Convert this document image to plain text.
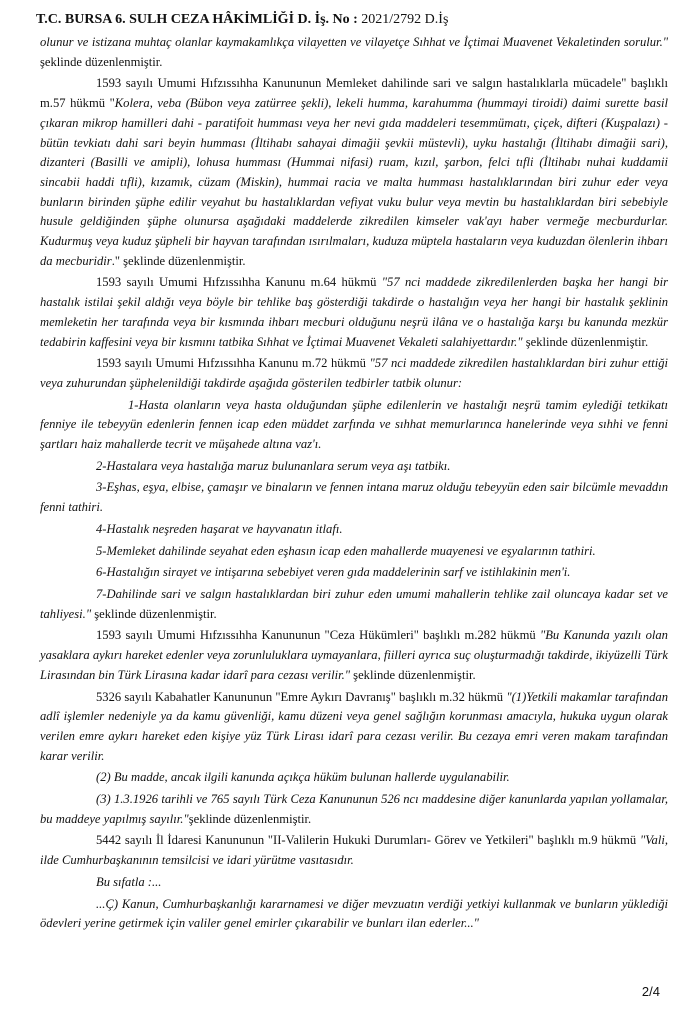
T.C. BURSA 6. SULH CEZA HÂKİMLİĞİ D. İş. No : 2021/2792 D.İş

olunur ve istizana muhtaç olanlar kaymakamlıkça vilayetten ve vilayetçe Sıhhat ve İçtimai Muavenet Vekaletinden sorulur." şeklinde düzenlenmiştir.

1593 sayılı Umumi Hıfzıssıhha Kanununun Memleket dahilinde sari ve salgın hastalıklarla mücadele" başlıklı m.57 hükmü "Kolera, veba (Bübon veya zatürree şekli), lekeli humma, karahumma (hummayi tiroidi) daimi surette basil çıkaran mikrop hamilleri dahi - paratifoit humması veya her nevi gıda maddeleri tesemmümatı, çiçek, difteri (Kuşpalazı) - bütün tevkiatı dahi sari beyin humması (İltihabı sahayai dimağii şevkii müstevli), uyku hastalığı (İltihabı dimağii sari), dizanteri (Basilli ve amipli), lohusa humması (Hummai nifasi) ruam, kızıl, şarbon, felci tıfli (İltihabı nuhai kuddamii sincabii haddi tıfli), kızamık, cüzam (Miskin), hummai racia ve malta humması hastalıklarından biri zuhur eder veya bunların birinden şüphe edilir veyahut bu hastalıklardan vefiyat vuku bulur veya mevtin bu hastalıklardan biri sebebiyle husule geldiğinden şüphe olunursa aşağıdaki maddelerde zikredilen kimseler vak'ayı haber vermeğe mecburdurlar. Kudurmuş veya kuduz şüpheli bir hayvan tarafından ısırılmaları, kuduza müptela hastaların veya kuduzdan ölenlerin ihbarı da mecburidir." şeklinde düzenlenmiştir.

1593 sayılı Umumi Hıfzıssıhha Kanunu m.64 hükmü "57 nci maddede zikredilenlerden başka her hangi bir hastalık istilai şekil aldığı veya böyle bir tehlike baş gösterdiği takdirde o hastalığın veya her hangi bir hastalık şeklinin memleketin her tarafında veya bir kısmında ihbarı mecburi olduğunu neşrü ilâna ve o hastalığa karşı bu kanunda mezkür tedabirin kaffesini veya bir kısmını tatbika Sıhhat ve İçtimai Muavenet Vekaleti salahiyettardır." şeklinde düzenlenmiştir.

1593 sayılı Umumi Hıfzıssıhha Kanunu m.72 hükmü "57 nci maddede zikredilen hastalıklardan biri zuhur ettiği veya zuhurundan şüphelenildiği takdirde aşağıda gösterilen tedbirler tatbik olunur:

1-Hasta olanların veya hasta olduğundan şüphe edilenlerin ve hastalığı neşrü tamim eylediği tetkikatı fenniye ile tebeyyün edenlerin fennen icap eden müddet zarfında ve sıhhat memurlarınca hanelerinde veya sıhhi ve fenni şartları haiz mahallerde tecrit ve müşahede altına vaz'ı.

2-Hastalara veya hastalığa maruz bulunanlara serum veya aşı tatbikı.

3-Eşhas, eşya, elbise, çamaşır ve binaların ve fennen intana maruz olduğu tebeyyün eden sair bilcümle mevaddın fenni tathiri.

4-Hastalık neşreden haşarat ve hayvanatın itlafı.

5-Memleket dahilinde seyahat eden eşhasın icap eden mahallerde muayenesi ve eşyalarının tathiri.

6-Hastalığın sirayet ve intişarına sebebiyet veren gıda maddelerinin sarf ve istihlakinin men'i.

7-Dahilinde sari ve salgın hastalıklardan biri zuhur eden umumi mahallerin tehlike zail oluncaya kadar set ve tahliyesi." şeklinde düzenlenmiştir.

1593 sayılı Umumi Hıfzıssıhha Kanununun "Ceza Hükümleri" başlıklı m.282 hükmü "Bu Kanunda yazılı olan yasaklara aykırı hareket edenler veya zorunluluklara uymayanlara, fiilleri ayrıca suç oluşturmadığı takdirde, ikiyüzelli Türk Lirasından bin Türk Lirasına kadar idarî para cezası verilir." şeklinde düzenlenmiştir.

5326 sayılı Kabahatler Kanununun "Emre Aykırı Davranış" başlıklı m.32 hükmü "(1)Yetkili makamlar tarafından adlî işlemler nedeniyle ya da kamu güvenliği, kamu düzeni veya genel sağlığın korunması amacıyla, hukuka uygun olarak verilen emre aykırı hareket eden kişiye yüz Türk Lirası idarî para cezası verilir. Bu cezaya emri veren makam tarafından karar verilir.

(2) Bu madde, ancak ilgili kanunda açıkça hüküm bulunan hallerde uygulanabilir.

(3) 1.3.1926 tarihli ve 765 sayılı Türk Ceza Kanununun 526 ncı maddesine diğer kanunlarda yapılan yollamalar, bu maddeye yapılmış sayılır."şeklinde düzenlenmiştir.

5442 sayılı İl İdaresi Kanununun "II-Valilerin Hukuki Durumları- Görev ve Yetkileri" başlıklı m.9 hükmü "Vali, ilde Cumhurbaşkanının temsilcisi ve idari yürütme vasıtasıdır.

Bu sıfatla :...

...Ç) Kanun, Cumhurbaşkanlığı kararnamesi ve diğer mevzuatın verdiği yetkiyi kullanmak ve bunların yüklediği ödevleri yerine getirmek için valiler genel emirler çıkarabilir ve bunları ilan ederler..."

2/4
